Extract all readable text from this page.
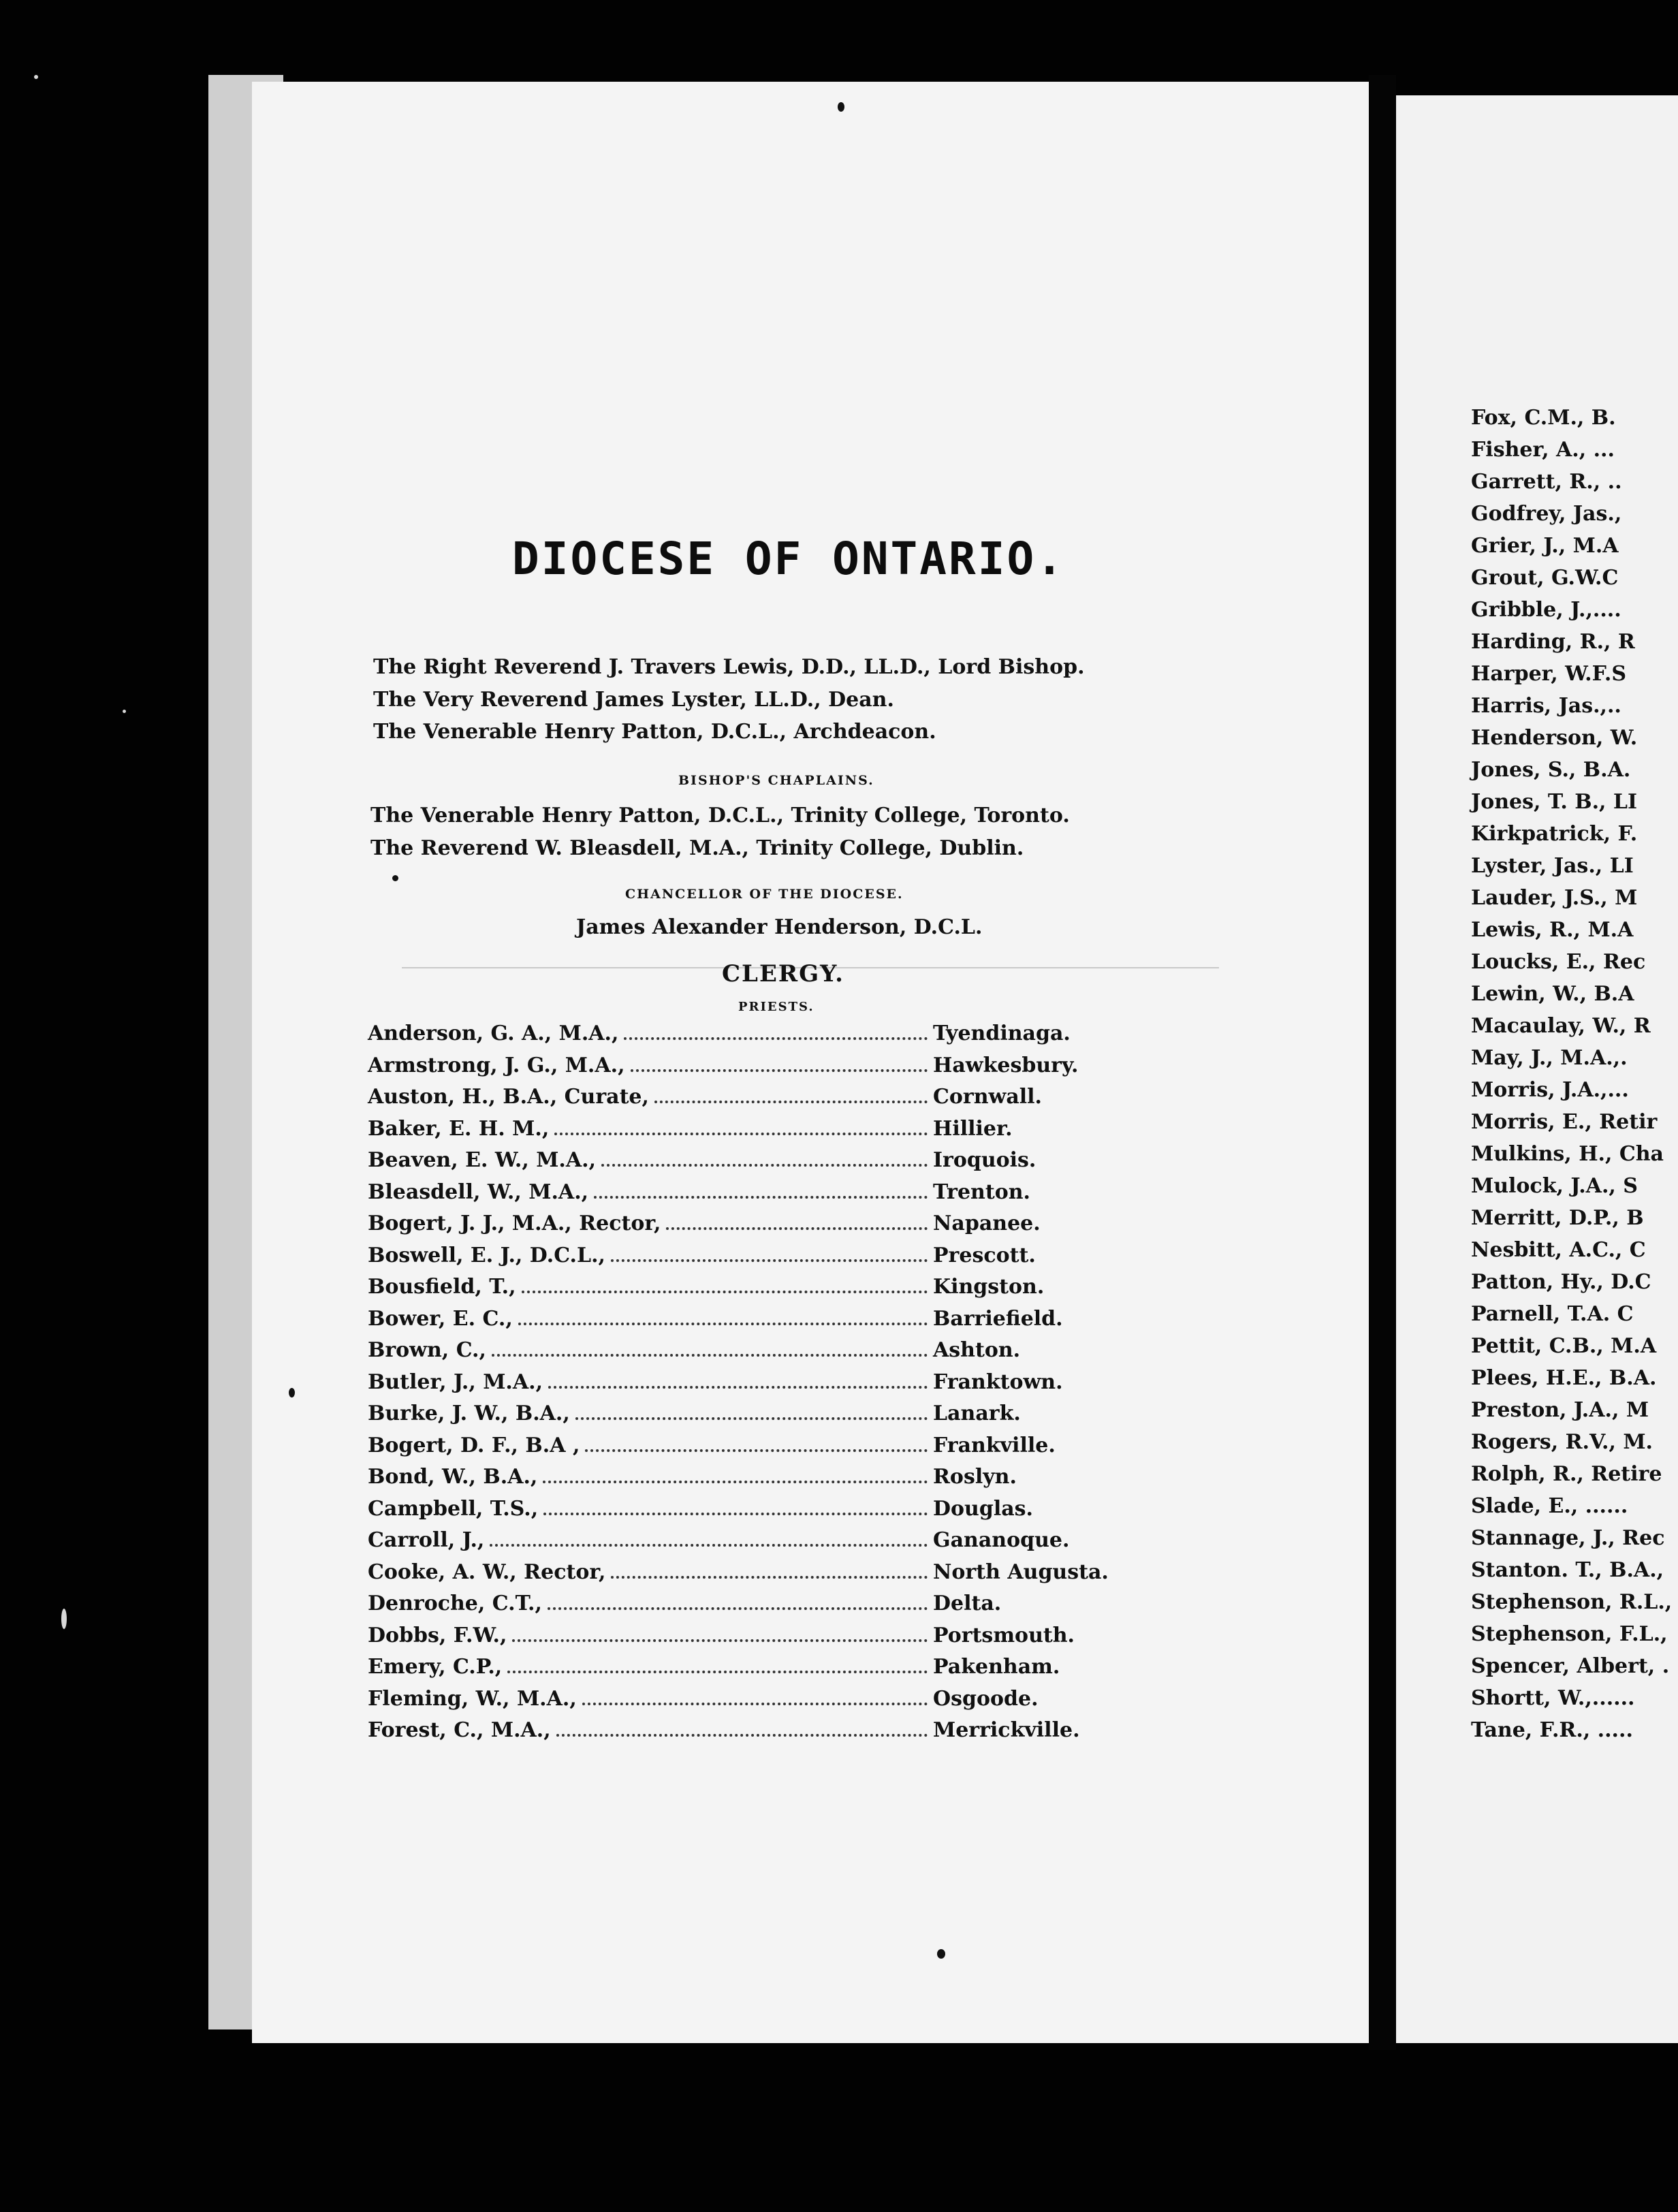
DIOCESE OF ONTARIO.
The Right Reverend J. Travers Lewis, D.D., LL.D., Lord Bishop.
The Very Reverend James Lyster, LL.D., Dean.
The Venerable Henry Patton, D.C.L., Archdeacon.
BISHOP'S CHAPLAINS.
The Venerable Henry Patton, D.C.L., Trinity College, Toronto.
The Reverend W. Bleasdell, M.A., Trinity College, Dublin.
CHANCELLOR OF THE DIOCESE.
James Alexander Henderson, D.C.L.
CLERGY.
PRIESTS.
Anderson, G. A., M.A.,	Tyendinaga.
Armstrong, J. G., M.A.,	Hawkesbury.
Auston, H., B.A., Curate,	Cornwall.
Baker, E. H. M.,	Hillier.
Beaven, E. W., M.A.,	Iroquois.
Bleasdell, W., M.A.,	Trenton.
Bogert, J. J., M.A., Rector,	Napanee.
Boswell, E. J., D.C.L.,	Prescott.
Bousfield, T.,	Kingston.
Bower, E. C.,	Barriefield.
Brown, C.,	Ashton.
Butler, J., M.A.,	Franktown.
Burke, J. W., B.A.,	Lanark.
Bogert, D. F., B.A ,	Frankville.
Bond, W., B.A.,	Roslyn.
Campbell, T.S.,	Douglas.
Carroll, J.,	Gananoque.
Cooke, A. W., Rector,	North Augusta.
Denroche, C.T.,	Delta.
Dobbs, F.W.,	Portsmouth.
Emery, C.P.,	Pakenham.
Fleming, W., M.A.,	Osgoode.
Forest, C., M.A.,	Merrickville.
Fox, C.M., B.
Fisher, A., ...
Garrett, R., ..
Godfrey, Jas.,
Grier, J., M.A
Grout, G.W.C
Gribble, J.,....
Harding, R., R
Harper, W.F.S
Harris, Jas.,..
Henderson, W.
Jones, S., B.A.
Jones, T. B., LI
Kirkpatrick, F.
Lyster, Jas., LI
Lauder, J.S., M
Lewis, R., M.A
Loucks, E., Rec
Lewin, W., B.A
Macaulay, W., R
May, J., M.A.,.
Morris, J.A.,...
Morris, E., Retir
Mulkins, H., Cha
Mulock, J.A., S
Merritt, D.P., B
Nesbitt, A.C., C
Patton, Hy., D.C
Parnell, T.A. C
Pettit, C.B., M.A
Plees, H.E., B.A.
Preston, J.A., M
Rogers, R.V., M.
Rolph, R., Retire
Slade, E., ......
Stannage, J., Rec
Stanton. T., B.A.,
Stephenson, R.L.,
Stephenson, F.L.,
Spencer, Albert, .
Shortt, W.,......
Tane, F.R., .....
